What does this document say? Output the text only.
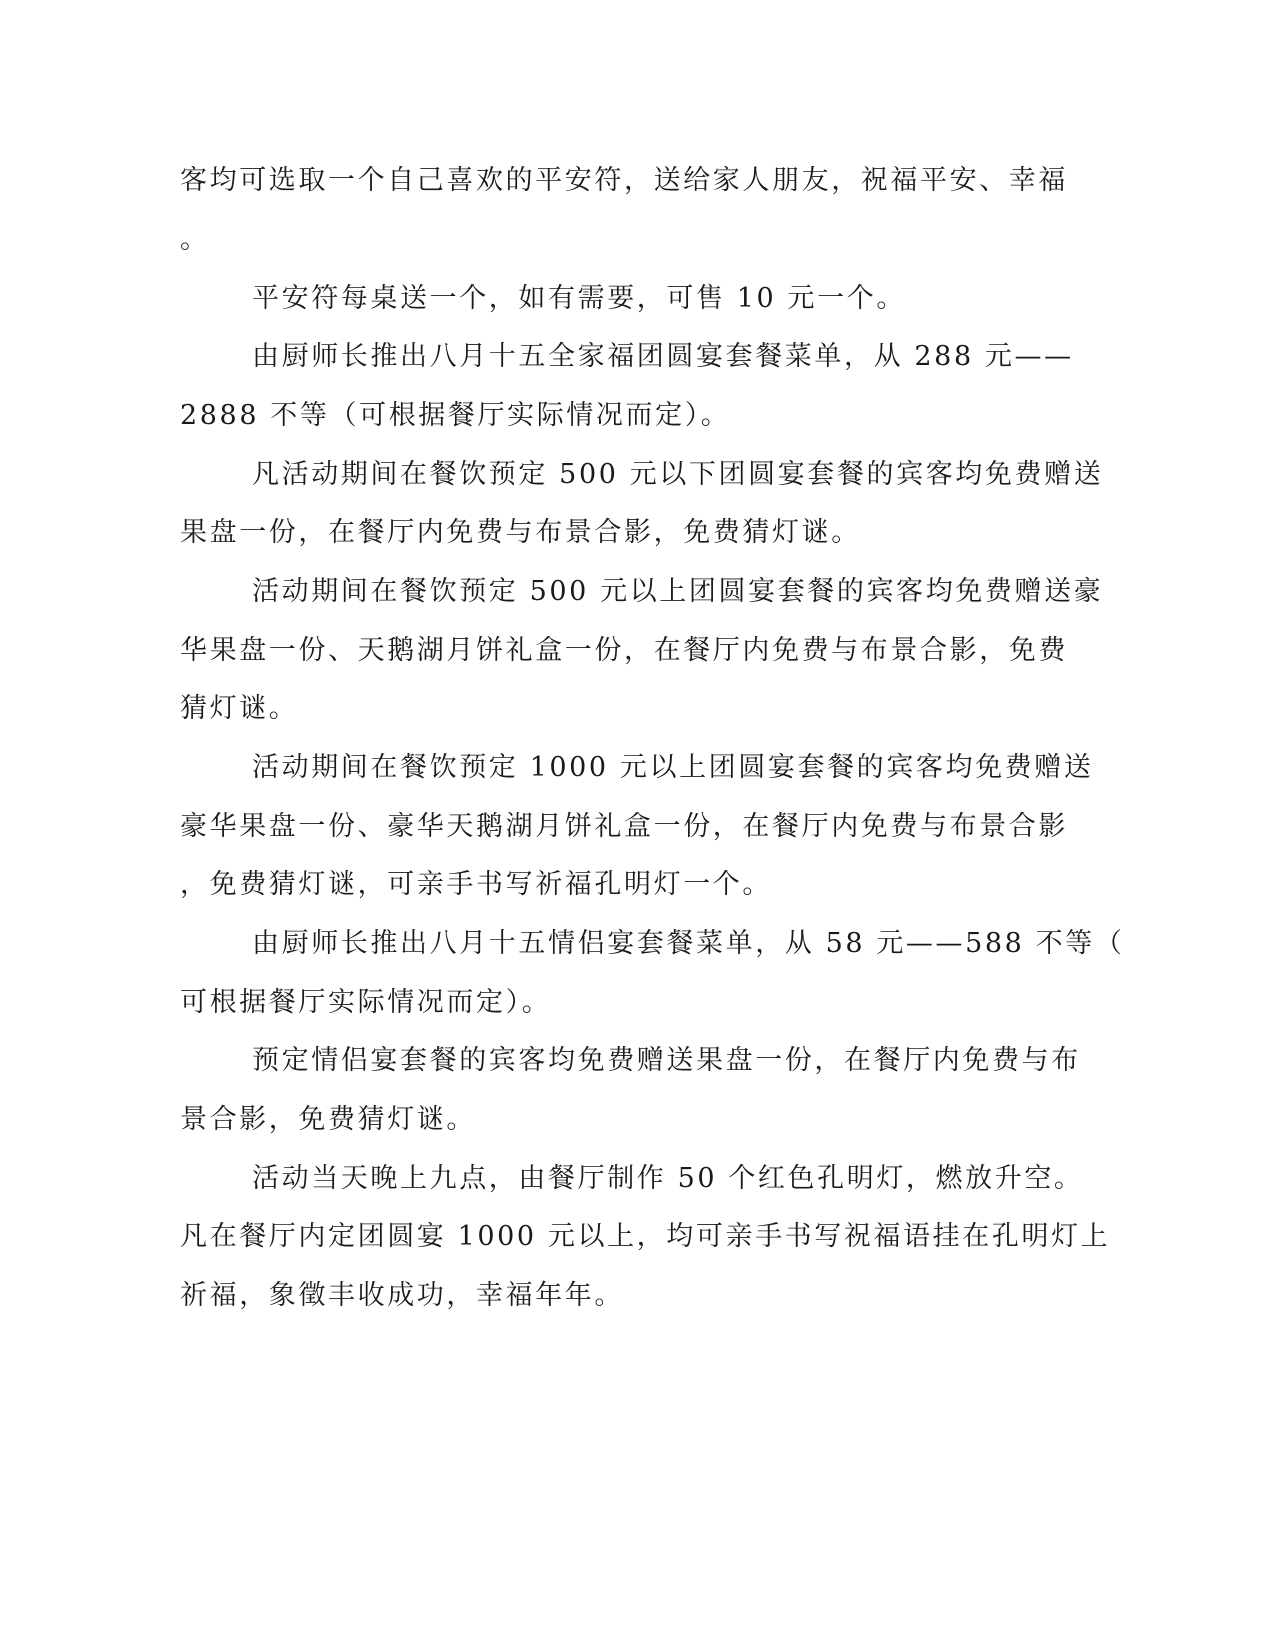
客均可选取一个自己喜欢的平安符，送给家人朋友，祝福平安、幸福
。
平安符每桌送一个，如有需要，可售 10 元一个。
由厨师长推出八月十五全家福团圆宴套餐菜单，从 288 元——
2888 不等（可根据餐厅实际情况而定）。
凡活动期间在餐饮预定 500 元以下团圆宴套餐的宾客均免费赠送
果盘一份，在餐厅内免费与布景合影，免费猜灯谜。
活动期间在餐饮预定 500 元以上团圆宴套餐的宾客均免费赠送豪
华果盘一份、天鹅湖月饼礼盒一份，在餐厅内免费与布景合影，免费
猜灯谜。
活动期间在餐饮预定 1000 元以上团圆宴套餐的宾客均免费赠送
豪华果盘一份、豪华天鹅湖月饼礼盒一份，在餐厅内免费与布景合影
，免费猜灯谜，可亲手书写祈福孔明灯一个。
由厨师长推出八月十五情侣宴套餐菜单，从 58 元——588 不等（
可根据餐厅实际情况而定）。
预定情侣宴套餐的宾客均免费赠送果盘一份，在餐厅内免费与布
景合影，免费猜灯谜。
活动当天晚上九点，由餐厅制作 50 个红色孔明灯，燃放升空。
凡在餐厅内定团圆宴 1000 元以上，均可亲手书写祝福语挂在孔明灯上
祈福，象徵丰收成功，幸福年年。
